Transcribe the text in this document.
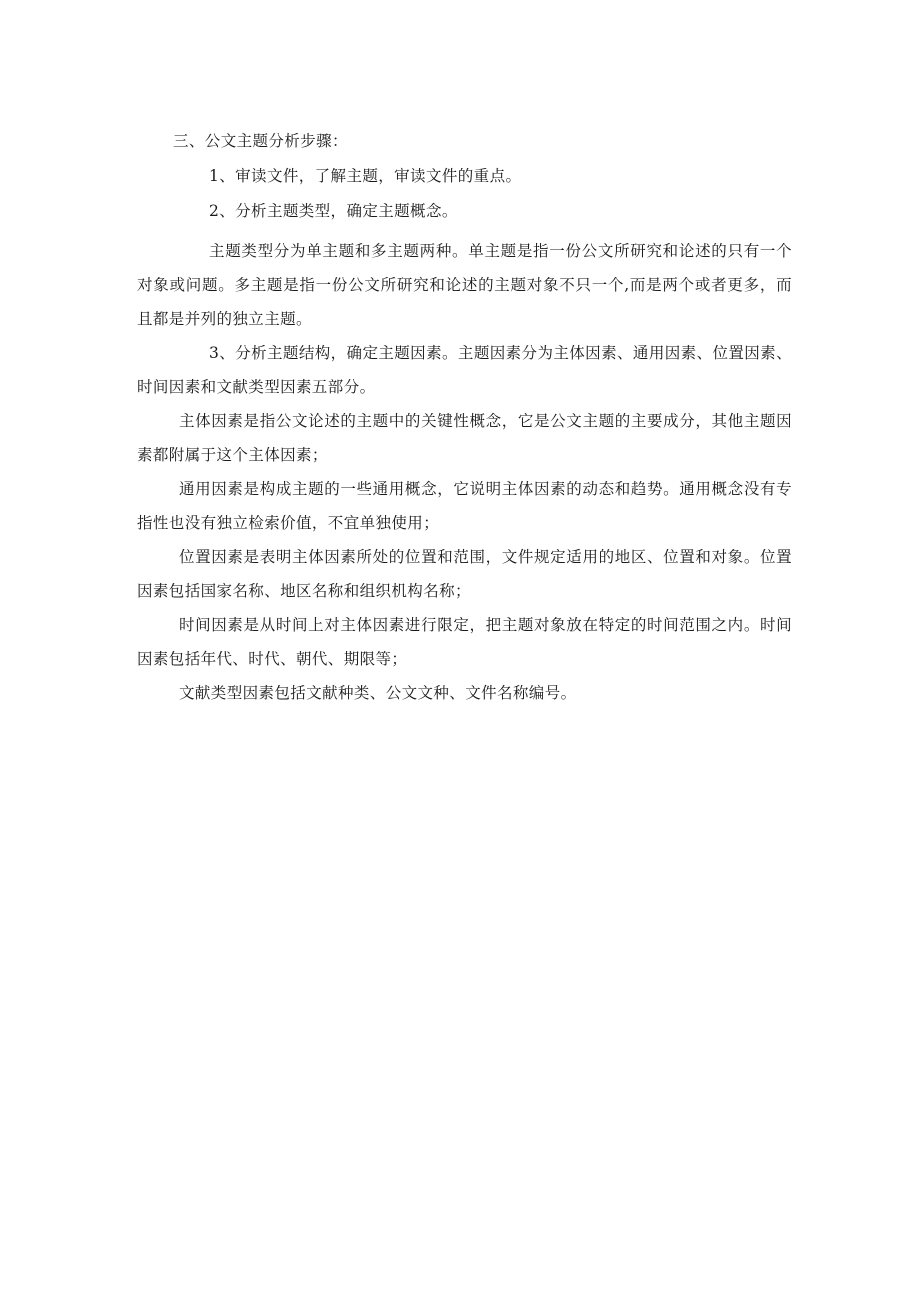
三、公文主题分析步骤：

1、审读文件，了解主题，审读文件的重点。

2、分析主题类型，确定主题概念。

主题类型分为单主题和多主题两种。单主题是指一份公文所研究和论述的只有一个对象或问题。多主题是指一份公文所研究和论述的主题对象不只一个,而是两个或者更多，而且都是并列的独立主题。

3、分析主题结构，确定主题因素。主题因素分为主体因素、通用因素、位置因素、时间因素和文献类型因素五部分。

主体因素是指公文论述的主题中的关键性概念，它是公文主题的主要成分，其他主题因素都附属于这个主体因素；

通用因素是构成主题的一些通用概念，它说明主体因素的动态和趋势。通用概念没有专指性也没有独立检索价值，不宜单独使用；

位置因素是表明主体因素所处的位置和范围，文件规定适用的地区、位置和对象。位置因素包括国家名称、地区名称和组织机构名称；

时间因素是从时间上对主体因素进行限定，把主题对象放在特定的时间范围之内。时间因素包括年代、时代、朝代、期限等；

文献类型因素包括文献种类、公文文种、文件名称编号。
